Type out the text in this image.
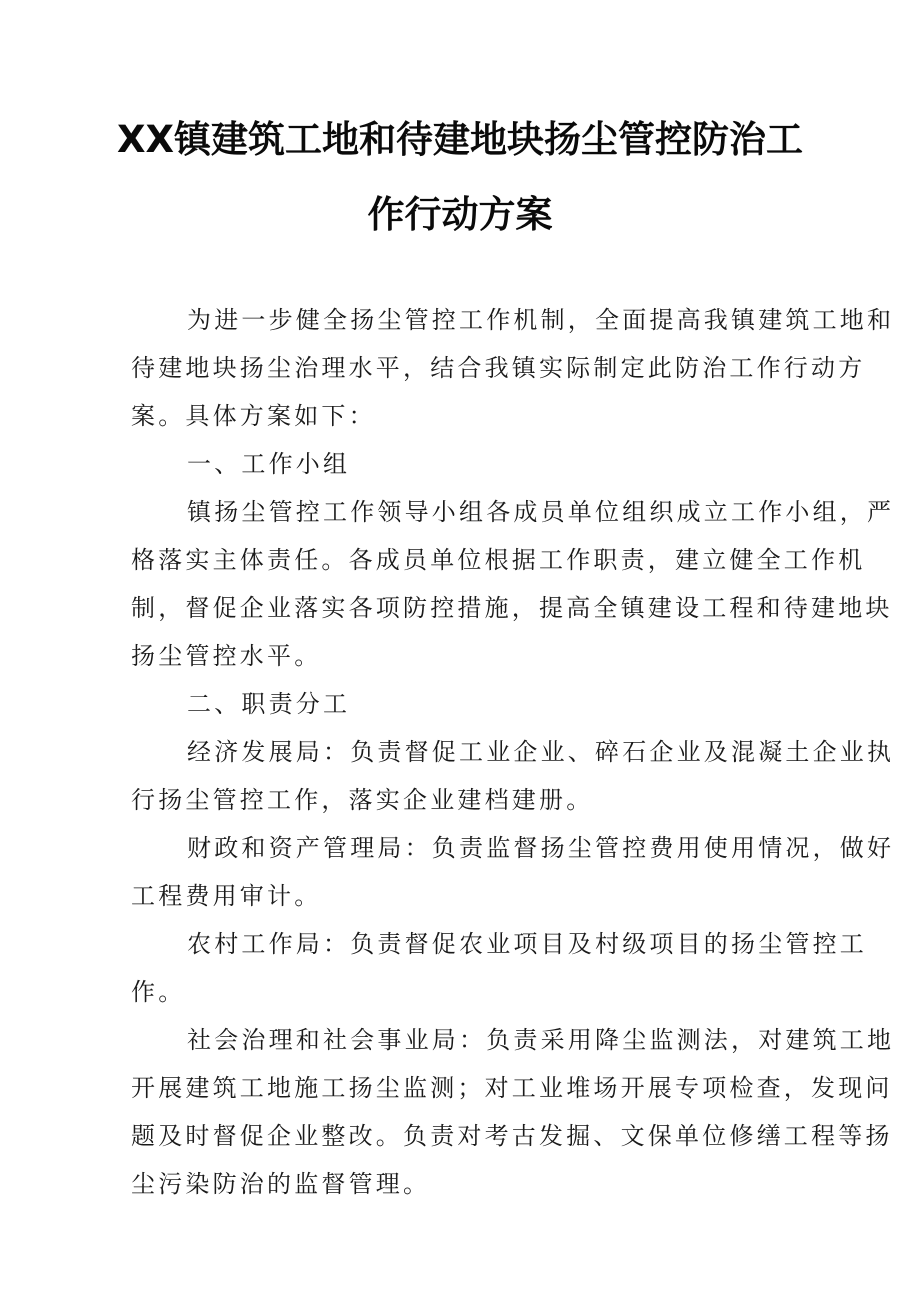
XX镇建筑工地和待建地块扬尘管控防治工
作行动方案
为进一步健全扬尘管控工作机制，全面提高我镇建筑工地和
待建地块扬尘治理水平，结合我镇实际制定此防治工作行动方
案。具体方案如下：
一、工作小组
镇扬尘管控工作领导小组各成员单位组织成立工作小组，严
格落实主体责任。各成员单位根据工作职责，建立健全工作机
制，督促企业落实各项防控措施，提高全镇建设工程和待建地块
扬尘管控水平。
二、职责分工
经济发展局：负责督促工业企业、碎石企业及混凝土企业执
行扬尘管控工作，落实企业建档建册。
财政和资产管理局：负责监督扬尘管控费用使用情况，做好
工程费用审计。
农村工作局：负责督促农业项目及村级项目的扬尘管控工
作。
社会治理和社会事业局：负责采用降尘监测法，对建筑工地
开展建筑工地施工扬尘监测；对工业堆场开展专项检查，发现问
题及时督促企业整改。负责对考古发掘、文保单位修缮工程等扬
尘污染防治的监督管理。
